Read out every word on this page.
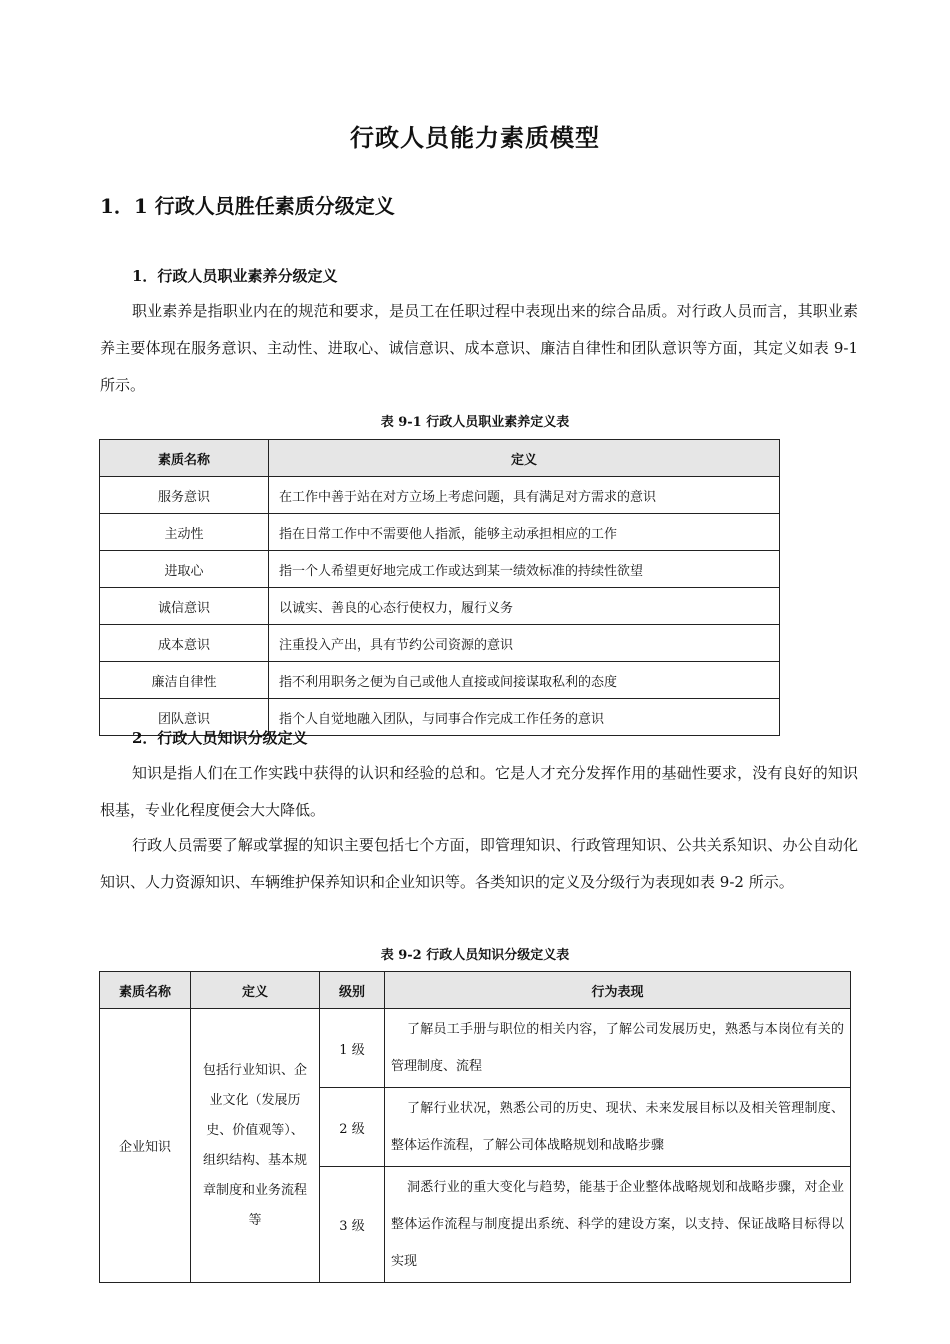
行政人员能力素质模型
1．1 行政人员胜任素质分级定义
1．行政人员职业素养分级定义
职业素养是指职业内在的规范和要求，是员工在任职过程中表现出来的综合品质。对行政人员而言，其职业素养主要体现在服务意识、主动性、进取心、诚信意识、成本意识、廉洁自律性和团队意识等方面，其定义如表 9-1 所示。
表 9-1 行政人员职业素养定义表
素质名称	定义
服务意识	在工作中善于站在对方立场上考虑问题，具有满足对方需求的意识
主动性	指在日常工作中不需要他人指派，能够主动承担相应的工作
进取心	指一个人希望更好地完成工作或达到某一绩效标准的持续性欲望
诚信意识	以诚实、善良的心态行使权力，履行义务
成本意识	注重投入产出，具有节约公司资源的意识
廉洁自律性	指不利用职务之便为自己或他人直接或间接谋取私利的态度
团队意识	指个人自觉地融入团队，与同事合作完成工作任务的意识
2．行政人员知识分级定义
知识是指人们在工作实践中获得的认识和经验的总和。它是人才充分发挥作用的基础性要求，没有良好的知识根基，专业化程度便会大大降低。
行政人员需要了解或掌握的知识主要包括七个方面，即管理知识、行政管理知识、公共关系知识、办公自动化知识、人力资源知识、车辆维护保养知识和企业知识等。各类知识的定义及分级行为表现如表 9-2 所示。
表 9-2 行政人员知识分级定义表
素质名称	定义	级别	行为表现
企业知识	包括行业知识、企业文化（发展历史、价值观等）、组织结构、基本规章制度和业务流程等	1 级	了解员工手册与职位的相关内容，了解公司发展历史，熟悉与本岗位有关的管理制度、流程
		2 级	了解行业状况，熟悉公司的历史、现状、未来发展目标以及相关管理制度、整体运作流程，了解公司体战略规划和战略步骤
		3 级	洞悉行业的重大变化与趋势，能基于企业整体战略规划和战略步骤，对企业整体运作流程与制度提出系统、科学的建设方案，以支持、保证战略目标得以实现
